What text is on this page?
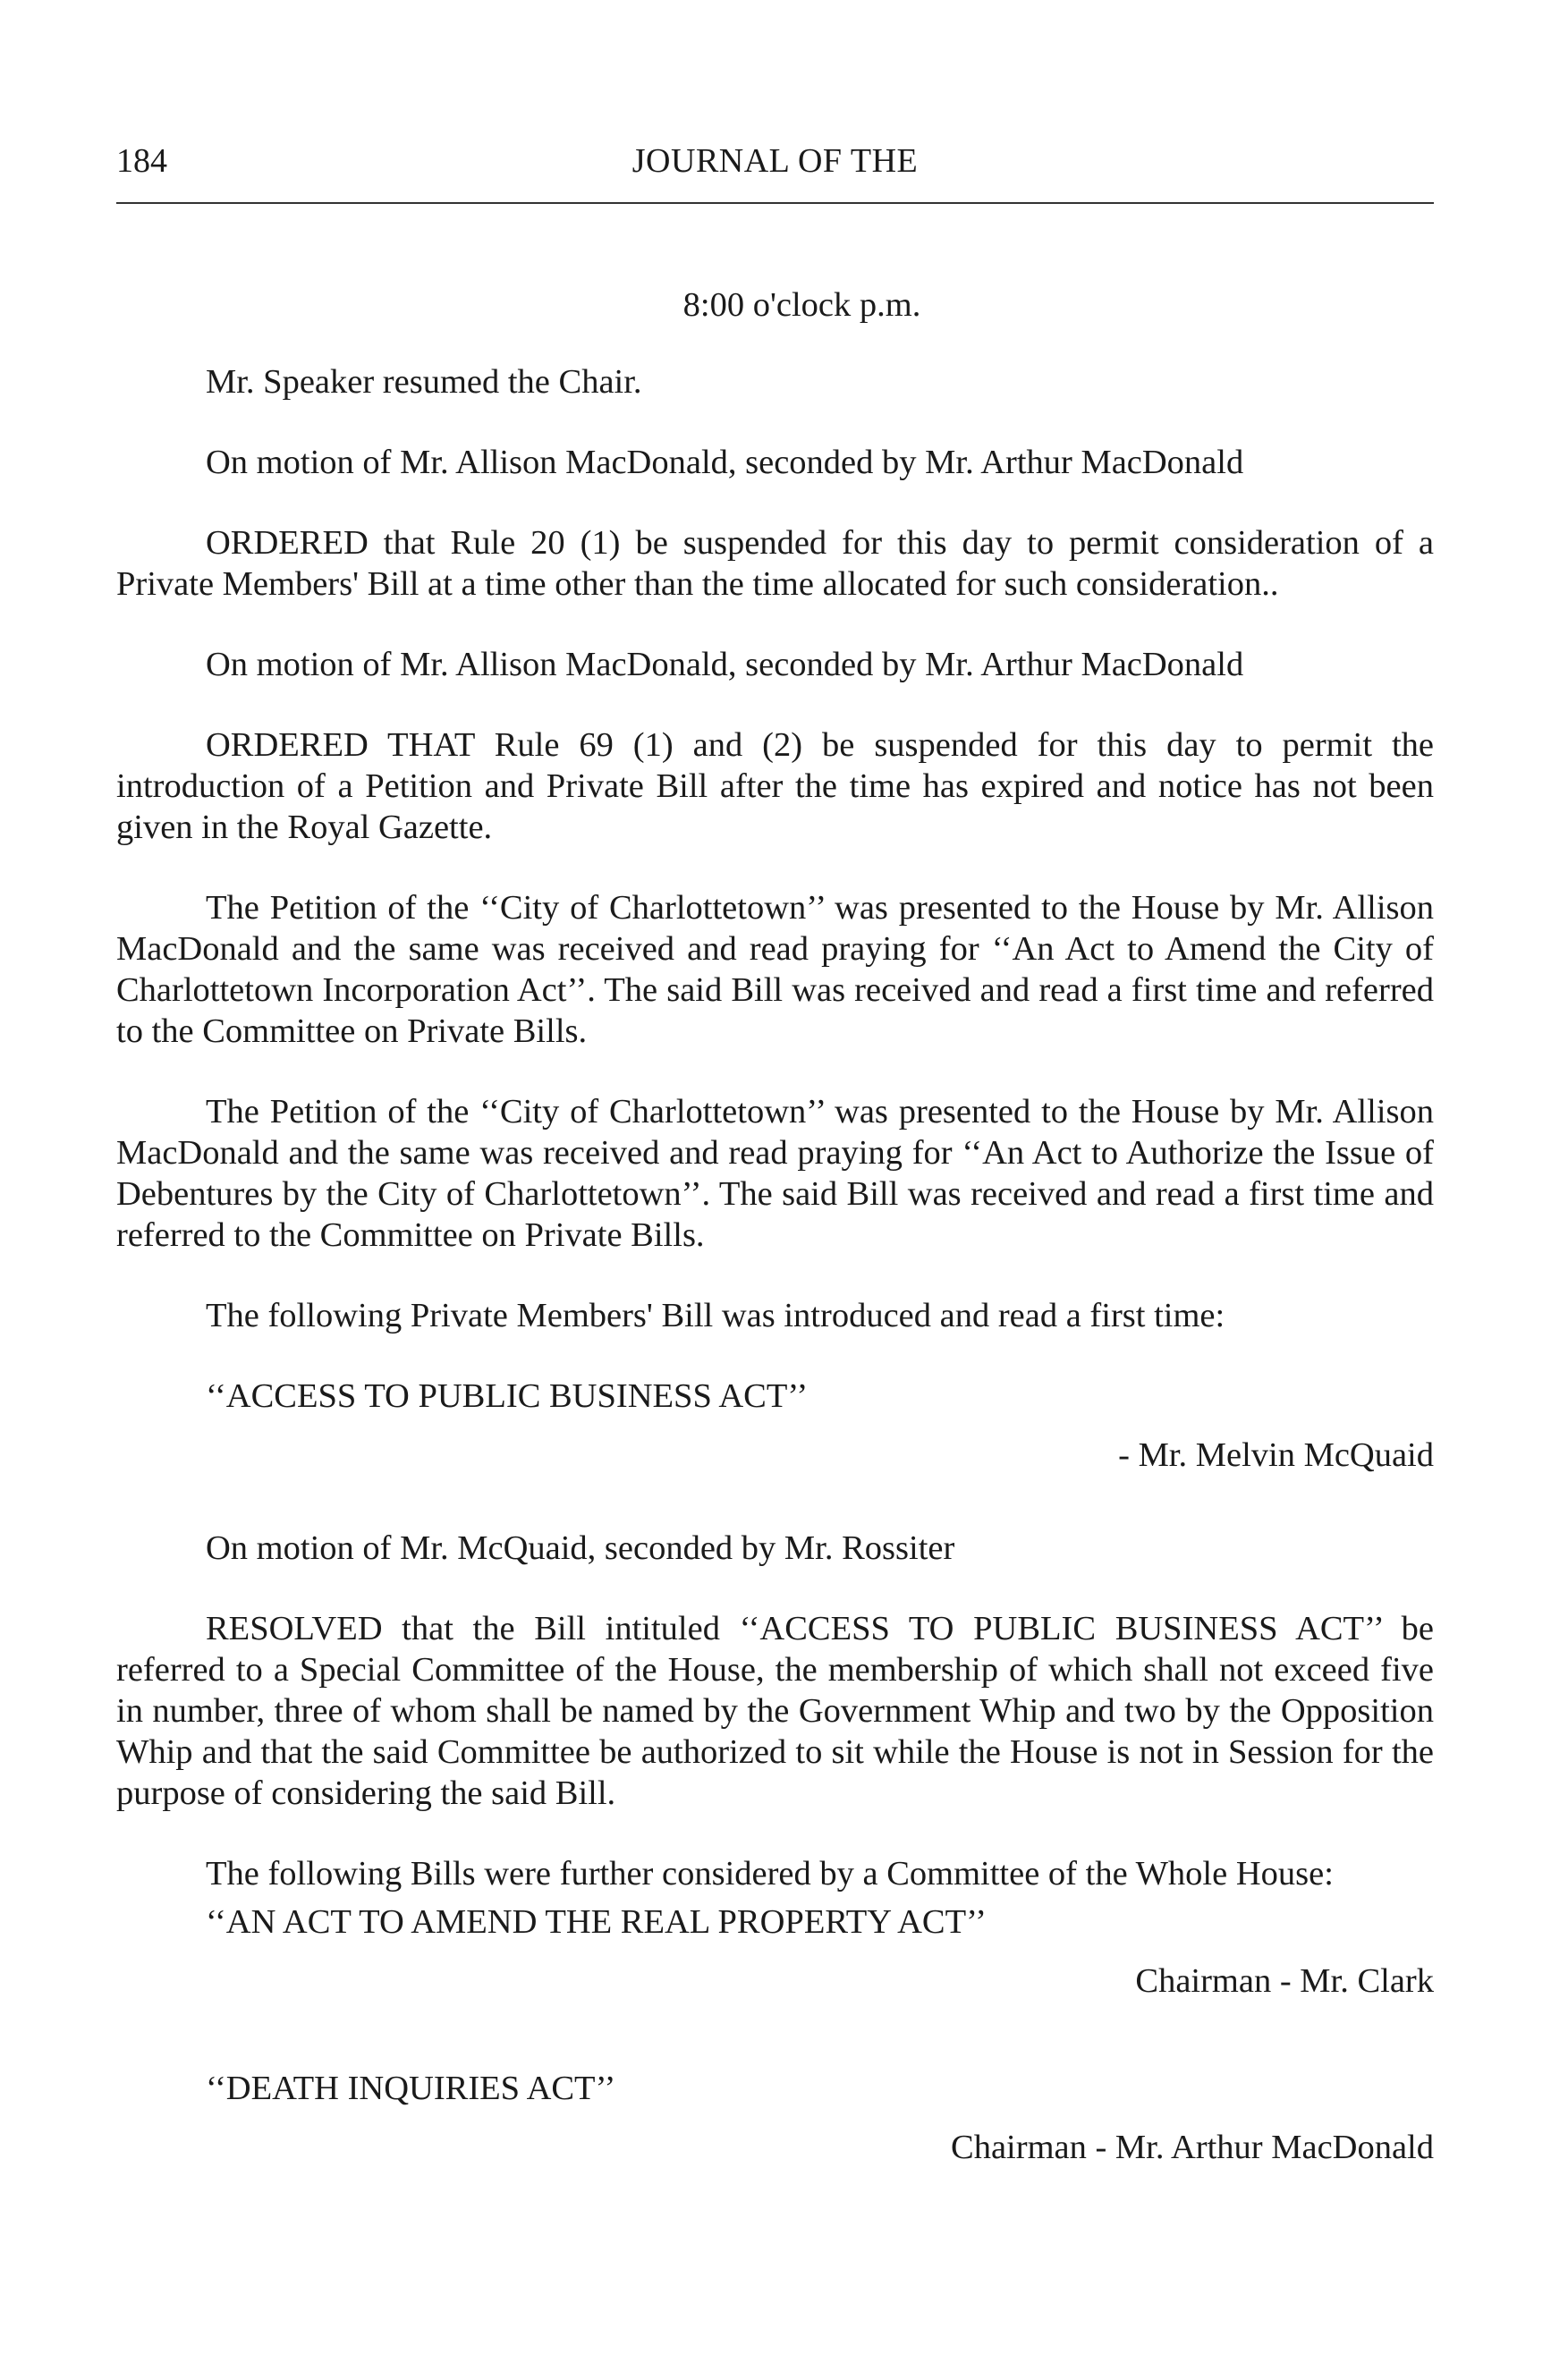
184	JOURNAL OF THE
8:00 o'clock p.m.
Mr. Speaker resumed the Chair.
On motion of Mr. Allison MacDonald, seconded by Mr. Arthur MacDonald

ORDERED that Rule 20 (1) be suspended for this day to permit consideration of a Private Members' Bill at a time other than the time allocated for such consideration..

On motion of Mr. Allison MacDonald, seconded by Mr. Arthur MacDonald

ORDERED THAT Rule 69 (1) and (2) be suspended for this day to permit the introduction of a Petition and Private Bill after the time has expired and notice has not been given in the Royal Gazette.

The Petition of the ‘‘City of Charlottetown’’ was presented to the House by Mr. Allison MacDonald and the same was received and read praying for ‘‘An Act to Amend the City of Charlottetown Incorporation Act’’. The said Bill was received and read a first time and referred to the Committee on Private Bills.

The Petition of the ‘‘City of Charlottetown’’ was presented to the House by Mr. Allison MacDonald and the same was received and read praying for ‘‘An Act to Authorize the Issue of Debentures by the City of Charlottetown’’. The said Bill was received and read a first time and referred to the Committee on Private Bills.

The following Private Members' Bill was introduced and read a first time:
‘‘ACCESS TO PUBLIC BUSINESS ACT’’
- Mr. Melvin McQuaid
On motion of Mr. McQuaid, seconded by Mr. Rossiter

RESOLVED that the Bill intituled ‘‘ACCESS TO PUBLIC BUSINESS ACT’’ be referred to a Special Committee of the House, the membership of which shall not exceed five in number, three of whom shall be named by the Government Whip and two by the Opposition Whip and that the said Committee be authorized to sit while the House is not in Session for the purpose of considering the said Bill.

The following Bills were further considered by a Committee of the Whole House:

‘‘AN ACT TO AMEND THE REAL PROPERTY ACT’’
Chairman - Mr. Clark
‘‘DEATH INQUIRIES ACT’’
Chairman - Mr. Arthur MacDonald
